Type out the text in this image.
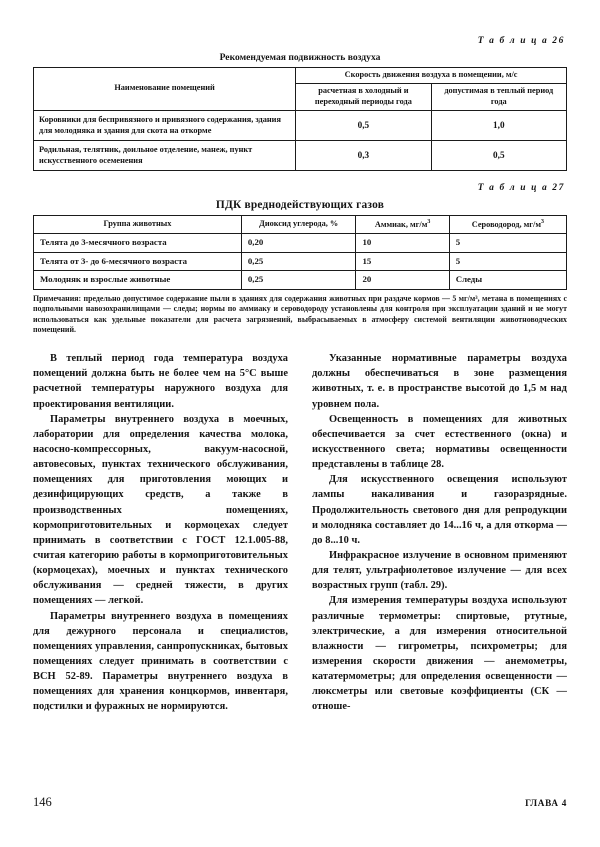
Т а б л и ц а 26
Рекомендуемая подвижность воздуха
Наименование помещений	Скорость движения воздуха в помещении, м/с	
	расчетная в холодный и переходный периоды года	допустимая в теплый период года
Коровники для беспривязного и привязного содержания, здания для молодняка и здания для скота на откорме	0,5	1,0
Родильная, телятник, доильное отделение, манеж, пункт искусственного осеменения	0,3	0,5
Т а б л и ц а 27
ПДК вреднодействующих газов
Группа животных	Диоксид углерода, %	Аммиак, $мг/м^3$	Сероводород, $мг/м^3$
Телята до 3-месячного возраста	0,20	10	5
Телята от 3- до 6-месячного возраста	0,25	15	5
Молодняк и взрослые животные	0,25	20	Следы
Примечания: предельно допустимое содержание пыли в зданиях для содержания животных при раздаче кормов — 5 мг/м³, метана в помещениях с подпольными навозохранилищами — следы; нормы по аммиаку и сероводороду установлены для контроля при эксплуатации зданий и не могут использоваться как удельные показатели для расчета загрязнений, выбрасываемых в атмосферу системой вентиляции животноводческих помещений.

В теплый период года температура воздуха помещений должна быть не более чем на 5°С выше расчетной температуры наружного воздуха для проектирования вентиляции.

Параметры внутреннего воздуха в моечных, лаборатории для определения качества молока, насосно-компрессорных, вакуум-насосной, автовесовых, пунктах технического обслуживания, помещениях для приготовления моющих и дезинфицирующих средств, а также в производственных помещениях, кормоприготовительных и кормоцехах следует принимать в соответствии с ГОСТ 12.1.005-88, считая категорию работы в кормоприготовительных (кормоцехах), моечных и пунктах технического обслуживания — средней тяжести, в других помещениях — легкой.

Параметры внутреннего воздуха в помещениях для дежурного персонала и специалистов, помещениях управления, санпропускниках, бытовых помещениях следует принимать в соответствии с ВСН 52-89. Параметры внутреннего воздуха в помещениях для хранения концкормов, инвентаря, подстилки и фуражных не нормируются.

Указанные нормативные параметры воздуха должны обеспечиваться в зоне размещения животных, т. е. в пространстве высотой до 1,5 м над уровнем пола.

Освещенность в помещениях для животных обеспечивается за счет естественного (окна) и искусственного света; нормативы освещенности представлены в таблице 28.

Для искусственного освещения используют лампы накаливания и газоразрядные. Продолжительность светового дня для репродукции и молодняка составляет до 14...16 ч, а для откорма — до 8...10 ч.

Инфракрасное излучение в основном применяют для телят, ультрафиолетовое излучение — для всех возрастных групп (табл. 29).

Для измерения температуры воздуха используют различные термометры: спиртовые, ртутные, электрические, а для измерения относительной влажности — гигрометры, психрометры; для измерения скорости движения — анемометры, кататермометры; для определения освещенности — люксметры или световые коэффициенты (СК — отноше-

146	ГЛАВА 4
